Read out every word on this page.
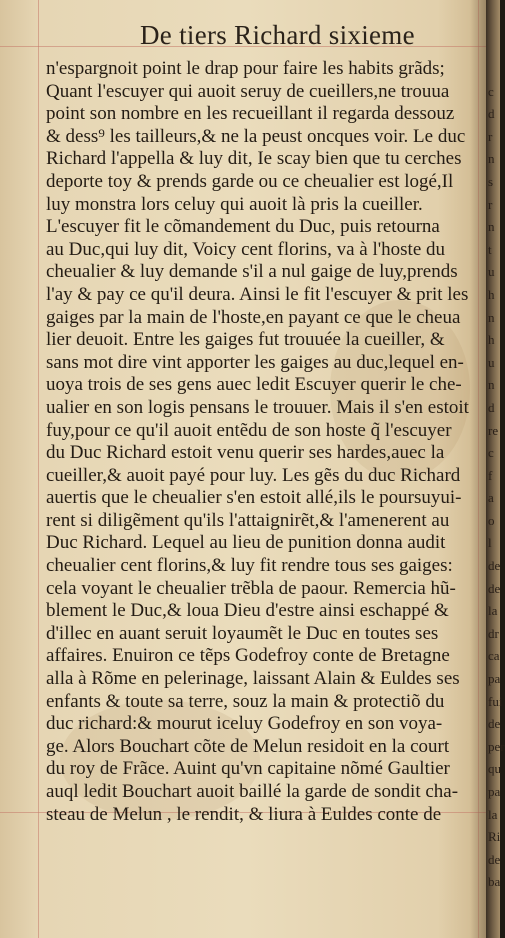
De tiers Richard sixieme
n'espargnoit point le drap pour faire les habits grãds;
Quant l'escuyer qui auoit seruy de cueillers,ne trouua
point son nombre en les recueillant il regarda dessouz
& dess⁹ les tailleurs,& ne la peust oncques voir. Le duc
Richard l'appella & luy dit, Ie scay bien que tu cerches
deporte toy & prends garde ou ce cheualier est logé,Il
luy monstra lors celuy qui auoit là pris la cueiller.
L'escuyer fit le cõmandement du Duc, puis retourna
au Duc,qui luy dit, Voicy cent florins, va à l'hoste du
cheualier & luy demande s'il a nul gaige de luy,prends
l'ay & pay ce qu'il deura. Ainsi le fit l'escuyer & prit les
gaiges par la main de l'hoste,en payant ce que le cheua
lier deuoit. Entre les gaiges fut trouuée la cueiller, &
sans mot dire vint apporter les gaiges au duc,lequel en-
uoya trois de ses gens auec ledit Escuyer querir le che-
ualier en son logis pensans le trouuer. Mais il s'en estoit
fuy,pour ce qu'il auoit entẽdu de son hoste q̃ l'escuyer
du Duc Richard estoit venu querir ses hardes,auec la
cueiller,& auoit payé pour luy. Les gẽs du duc Richard
auertis que le cheualier s'en estoit allé,ils le poursuyui-
rent si diligẽment qu'ils l'attaignirẽt,& l'amenerent au
Duc Richard. Lequel au lieu de punition donna audit
cheualier cent florins,& luy fit rendre tous ses gaiges:
cela voyant le cheualier trẽbla de paour. Remercia hũ-
blement le Duc,& loua Dieu d'estre ainsi eschappé &
d'illec en auant seruit loyaumẽt le Duc en toutes ses
affaires. Enuiron ce tẽps Godefroy conte de Bretagne
alla à Rõme en pelerinage, laissant Alain & Euldes ses
enfants & toute sa terre, souz la main & protectiõ du
duc richard:& mourut iceluy Godefroy en son voya-
ge. Alors Bouchart cõte de Melun residoit en la court
du roy de Frãce. Auint qu'vn capitaine nõmé Gaultier
auql ledit Bouchart auoit baillé la garde de sondit cha-
steau de Melun , le rendit, & liura à Euldes conte de
c
d
r
n
s
r
n
t
u
h
n
h
u
n
d
re
c
f
a
o
l
de
de
la
dr
ca
pa
fui
de
per
qu
pa
la
Ri
de
ba
